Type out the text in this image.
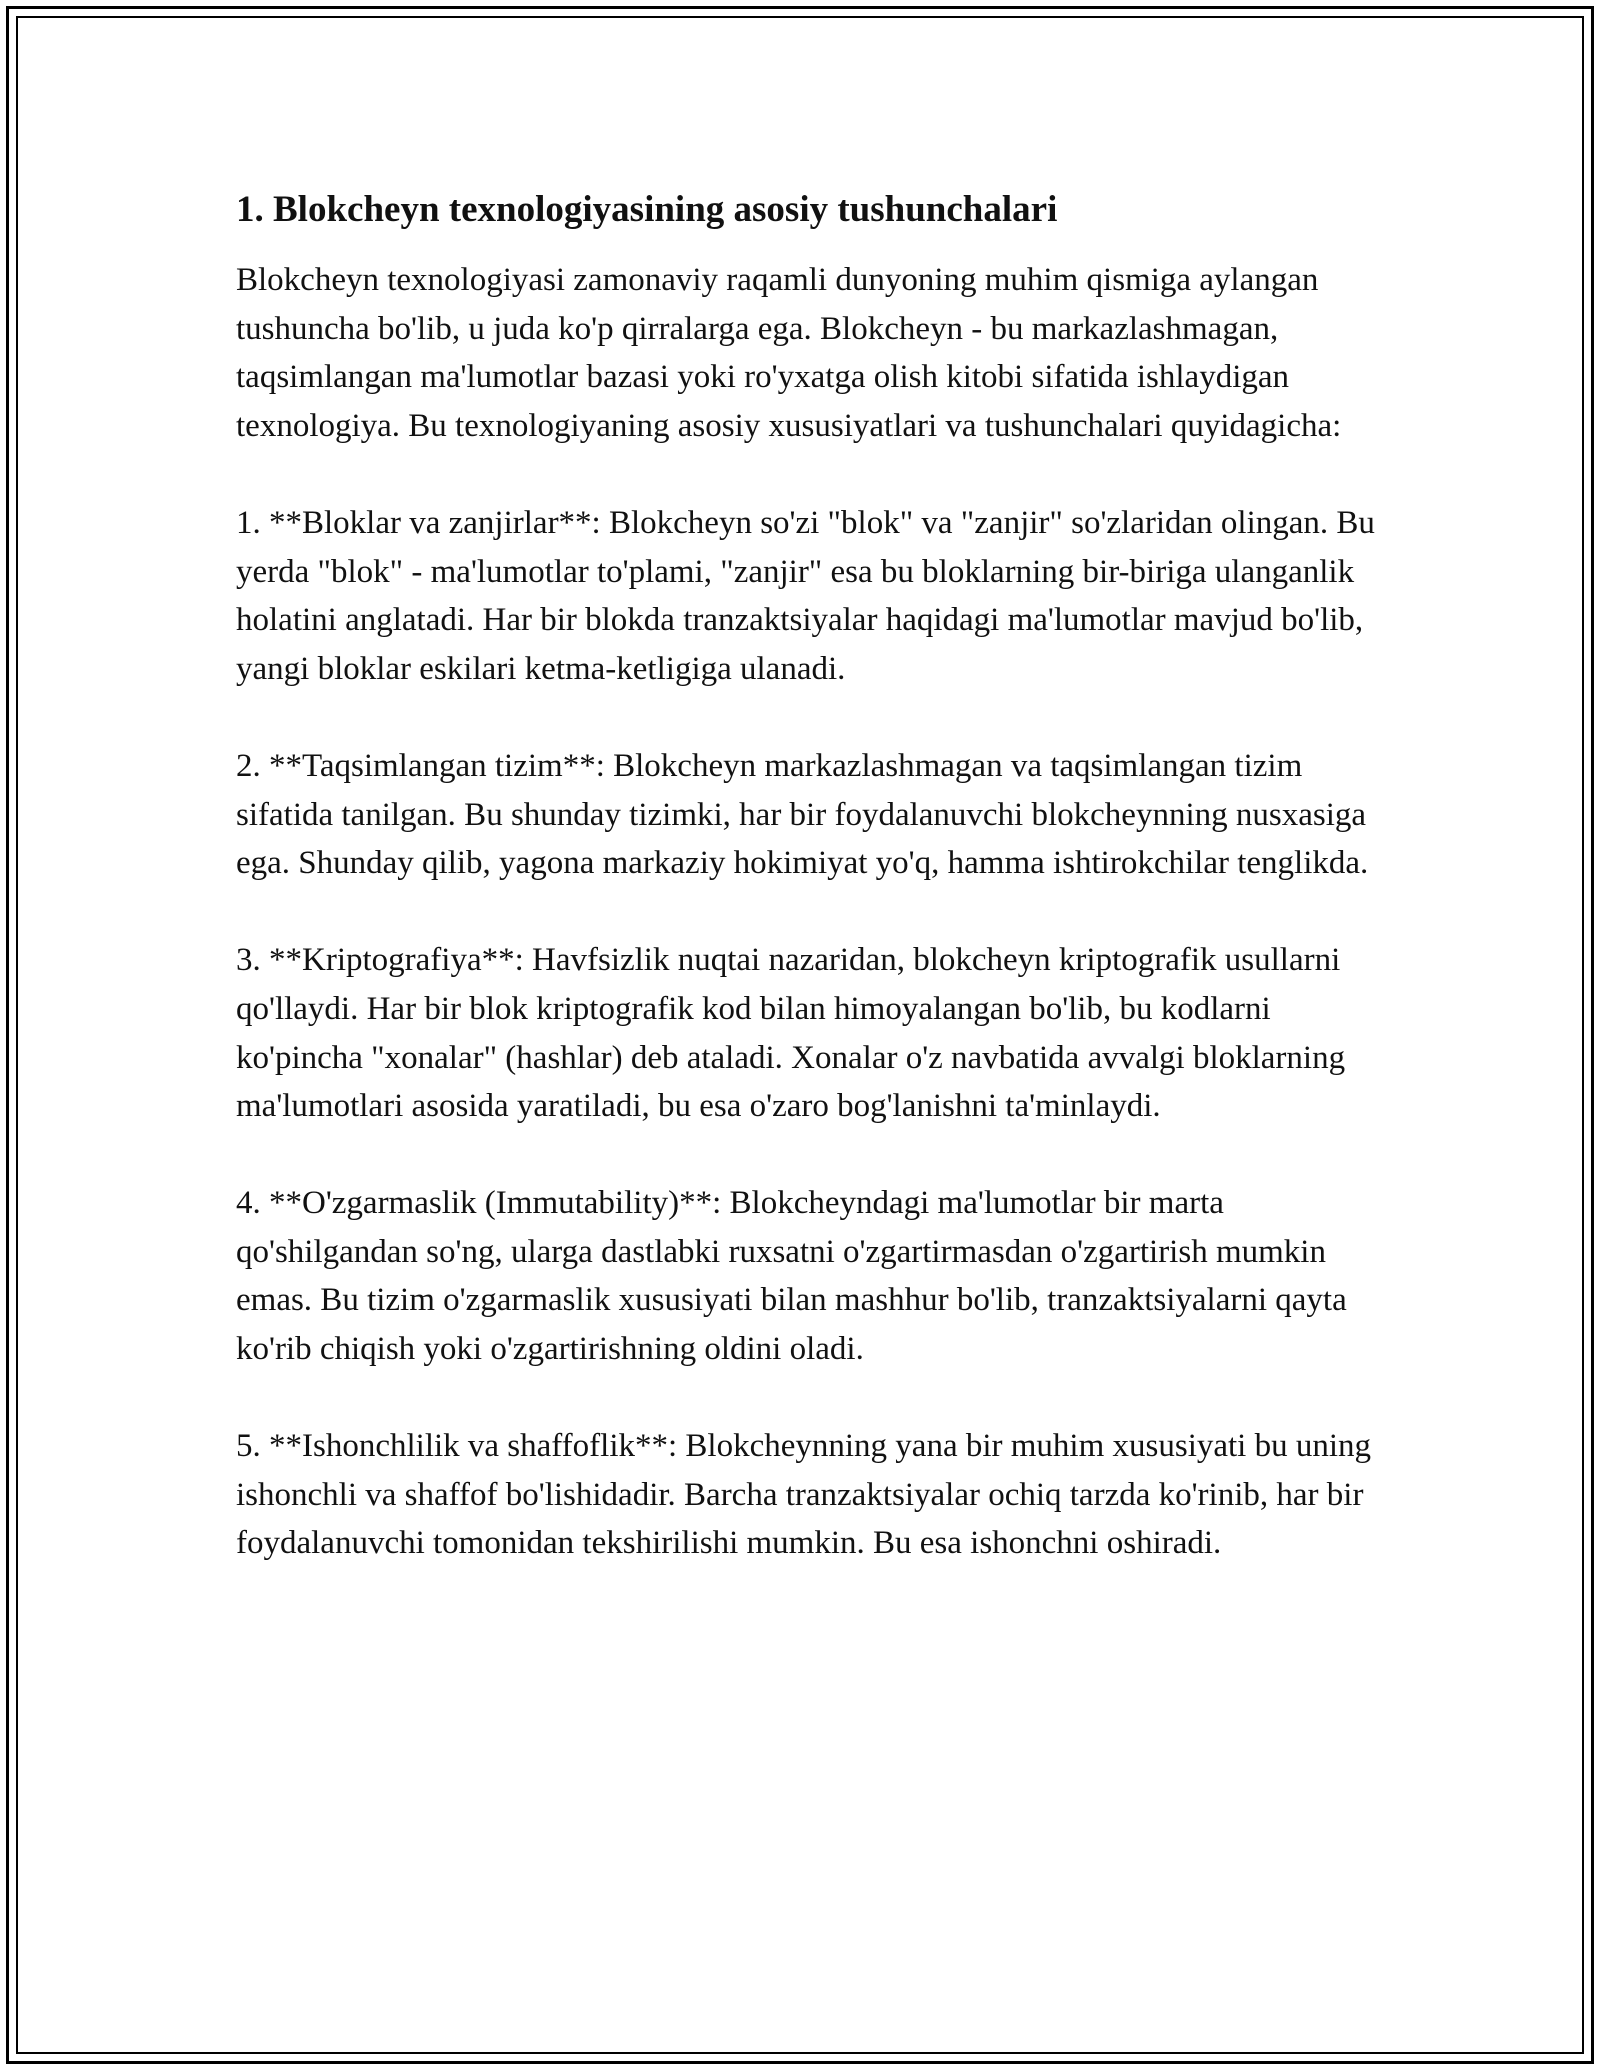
1. Blokcheyn texnologiyasining asosiy tushunchalari

Blokcheyn texnologiyasi zamonaviy raqamli dunyoning muhim qismiga aylangan tushuncha bo'lib, u juda ko'p qirralarga ega. Blokcheyn - bu markazlashmagan, taqsimlangan ma'lumotlar bazasi yoki ro'yxatga olish kitobi sifatida ishlaydigan texnologiya. Bu texnologiyaning asosiy xususiyatlari va tushunchalari quyidagicha:

1. **Bloklar va zanjirlar**: Blokcheyn so'zi "blok" va "zanjir" so'zlaridan olingan. Bu yerda "blok" - ma'lumotlar to'plami, "zanjir" esa bu bloklarning bir-biriga ulanganlik holatini anglatadi. Har bir blokda tranzaktsiyalar haqidagi ma'lumotlar mavjud bo'lib, yangi bloklar eskilari ketma-ketligiga ulanadi.

2. **Taqsimlangan tizim**: Blokcheyn markazlashmagan va taqsimlangan tizim sifatida tanilgan. Bu shunday tizimki, har bir foydalanuvchi blokcheynning nusxasiga ega. Shunday qilib, yagona markaziy hokimiyat yo'q, hamma ishtirokchilar tenglikda.

3. **Kriptografiya**: Havfsizlik nuqtai nazaridan, blokcheyn kriptografik usullarni qo'llaydi. Har bir blok kriptografik kod bilan himoyalangan bo'lib, bu kodlarni ko'pincha "xonalar" (hashlar) deb ataladi. Xonalar o'z navbatida avvalgi bloklarning ma'lumotlari asosida yaratiladi, bu esa o'zaro bog'lanishni ta'minlaydi.

4. **O'zgarmaslik (Immutability)**: Blokcheyndagi ma'lumotlar bir marta qo'shilgandan so'ng, ularga dastlabki ruxsatni o'zgartirmasdan o'zgartirish mumkin emas. Bu tizim o'zgarmaslik xususiyati bilan mashhur bo'lib, tranzaktsiyalarni qayta ko'rib chiqish yoki o'zgartirishning oldini oladi.

5. **Ishonchlilik va shaffoflik**: Blokcheynning yana bir muhim xususiyati bu uning ishonchli va shaffof bo'lishidadir. Barcha tranzaktsiyalar ochiq tarzda ko'rinib, har bir foydalanuvchi tomonidan tekshirilishi mumkin. Bu esa ishonchni oshiradi.
